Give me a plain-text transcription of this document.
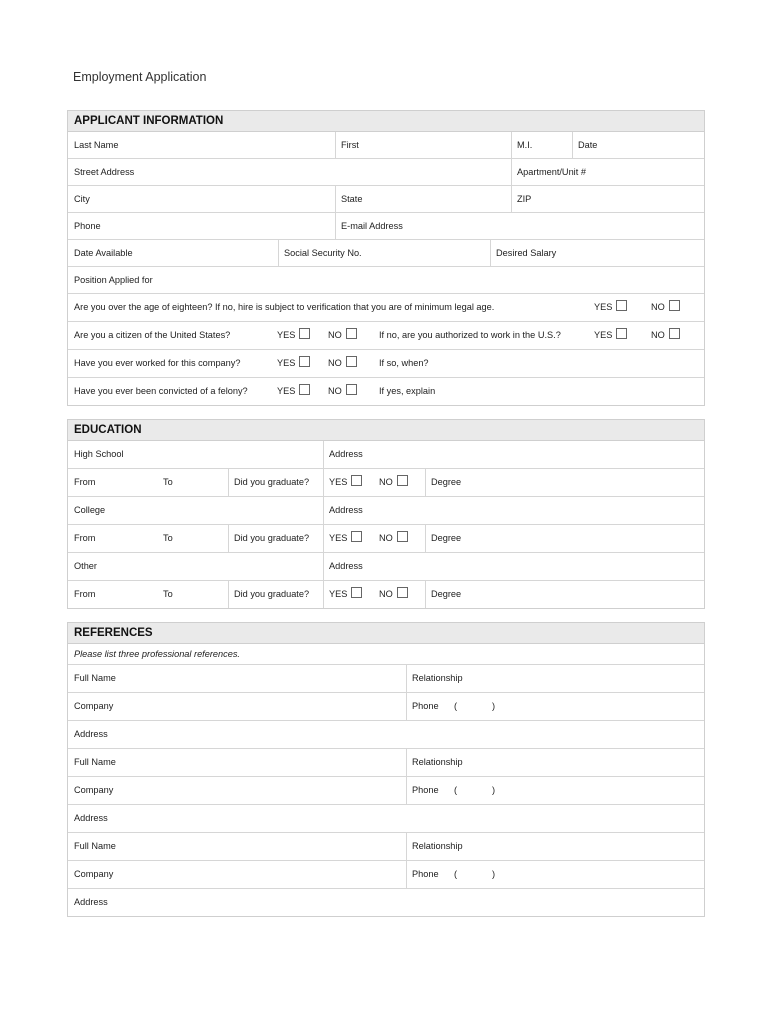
Employment Application
APPLICANT INFORMATION
Last Name	First	M.I.	Date
Street Address	Apartment/Unit #
City	State	ZIP
Phone	E-mail Address
Date Available	Social Security No.	Desired Salary
Position Applied for
Are you over the age of eighteen? If no, hire is subject to verification that you are of minimum legal age.	YES	NO
Are you a citizen of the United States?	YES	NO	If no, are you authorized to work in the U.S.?	YES	NO
Have you ever worked for this company?	YES	NO	If so, when?
Have you ever been convicted of a felony?	YES	NO	If yes, explain
EDUCATION
High School	Address
From	To	Did you graduate?	YES	NO	Degree
College	Address
From	To	Did you graduate?	YES	NO	Degree
Other	Address
From	To	Did you graduate?	YES	NO	Degree
REFERENCES
Please list three professional references.
Full Name	Relationship
Company	Phone (	)
Address
Full Name	Relationship
Company	Phone (	)
Address
Full Name	Relationship
Company	Phone (	)
Address
